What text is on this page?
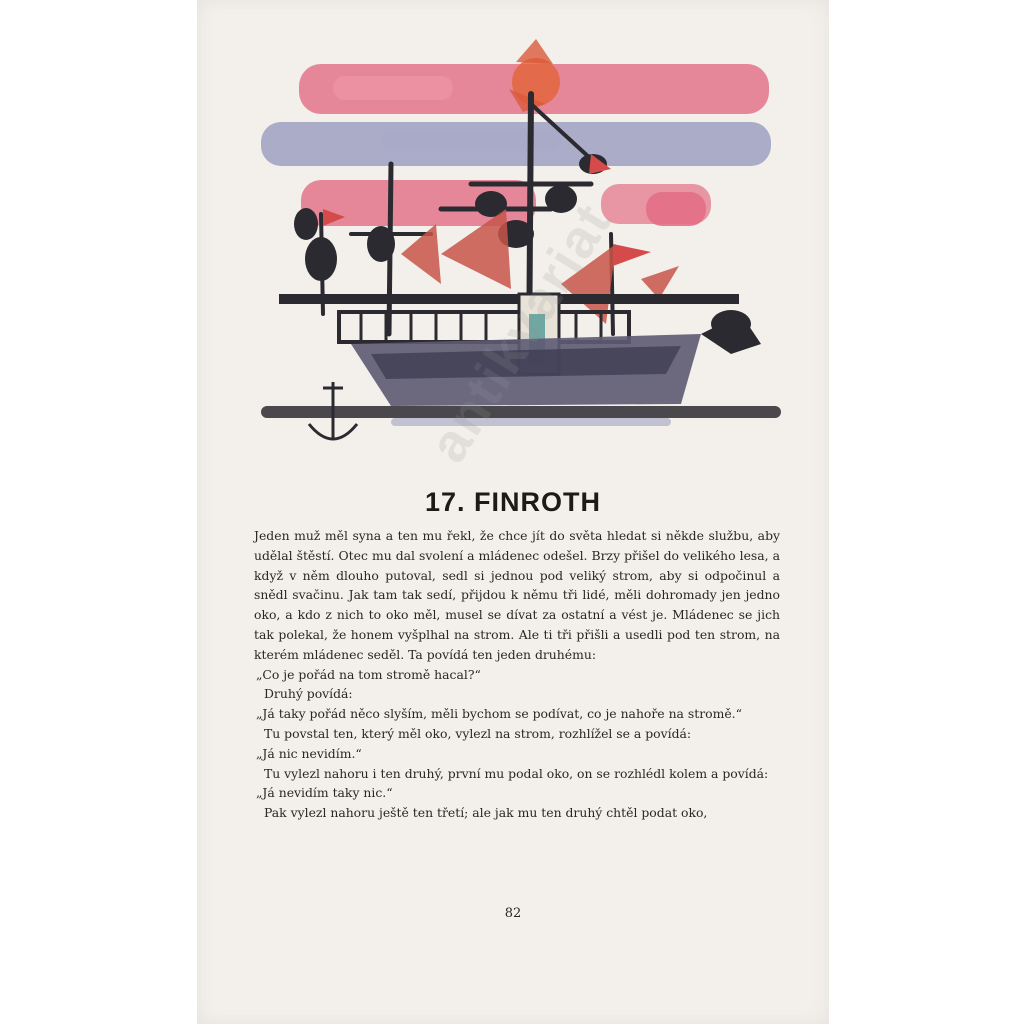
17. FINROTH

Jeden muž měl syna a ten mu řekl, že chce jít do světa hledat si někde službu, aby udělal štěstí. Otec mu dal svolení a mládenec odešel. Brzy přišel do velikého lesa, a když v něm dlouho putoval, sedl si jednou pod veliký strom, aby si odpočinul a snědl svačinu. Jak tam tak sedí, přijdou k němu tři lidé, měli dohromady jen jedno oko, a kdo z nich to oko měl, musel se dívat za ostatní a vést je. Mládenec se jich tak polekal, že honem vyšplhal na strom. Ale ti tři přišli a usedli pod ten strom, na kterém mládenec seděl. Ta povídá ten jeden druhému:

„Co je pořád na tom stromě hacal?“

Druhý povídá:

„Já taky pořád něco slyším, měli bychom se podívat, co je nahoře na stromě.“

Tu povstal ten, který měl oko, vylezl na strom, rozhlížel se a povídá:

„Já nic nevidím.“

Tu vylezl nahoru i ten druhý, první mu podal oko, on se rozhlédl kolem a povídá:

„Já nevidím taky nic.“

Pak vylezl nahoru ještě ten třetí; ale jak mu ten druhý chtěl podat oko,

82
